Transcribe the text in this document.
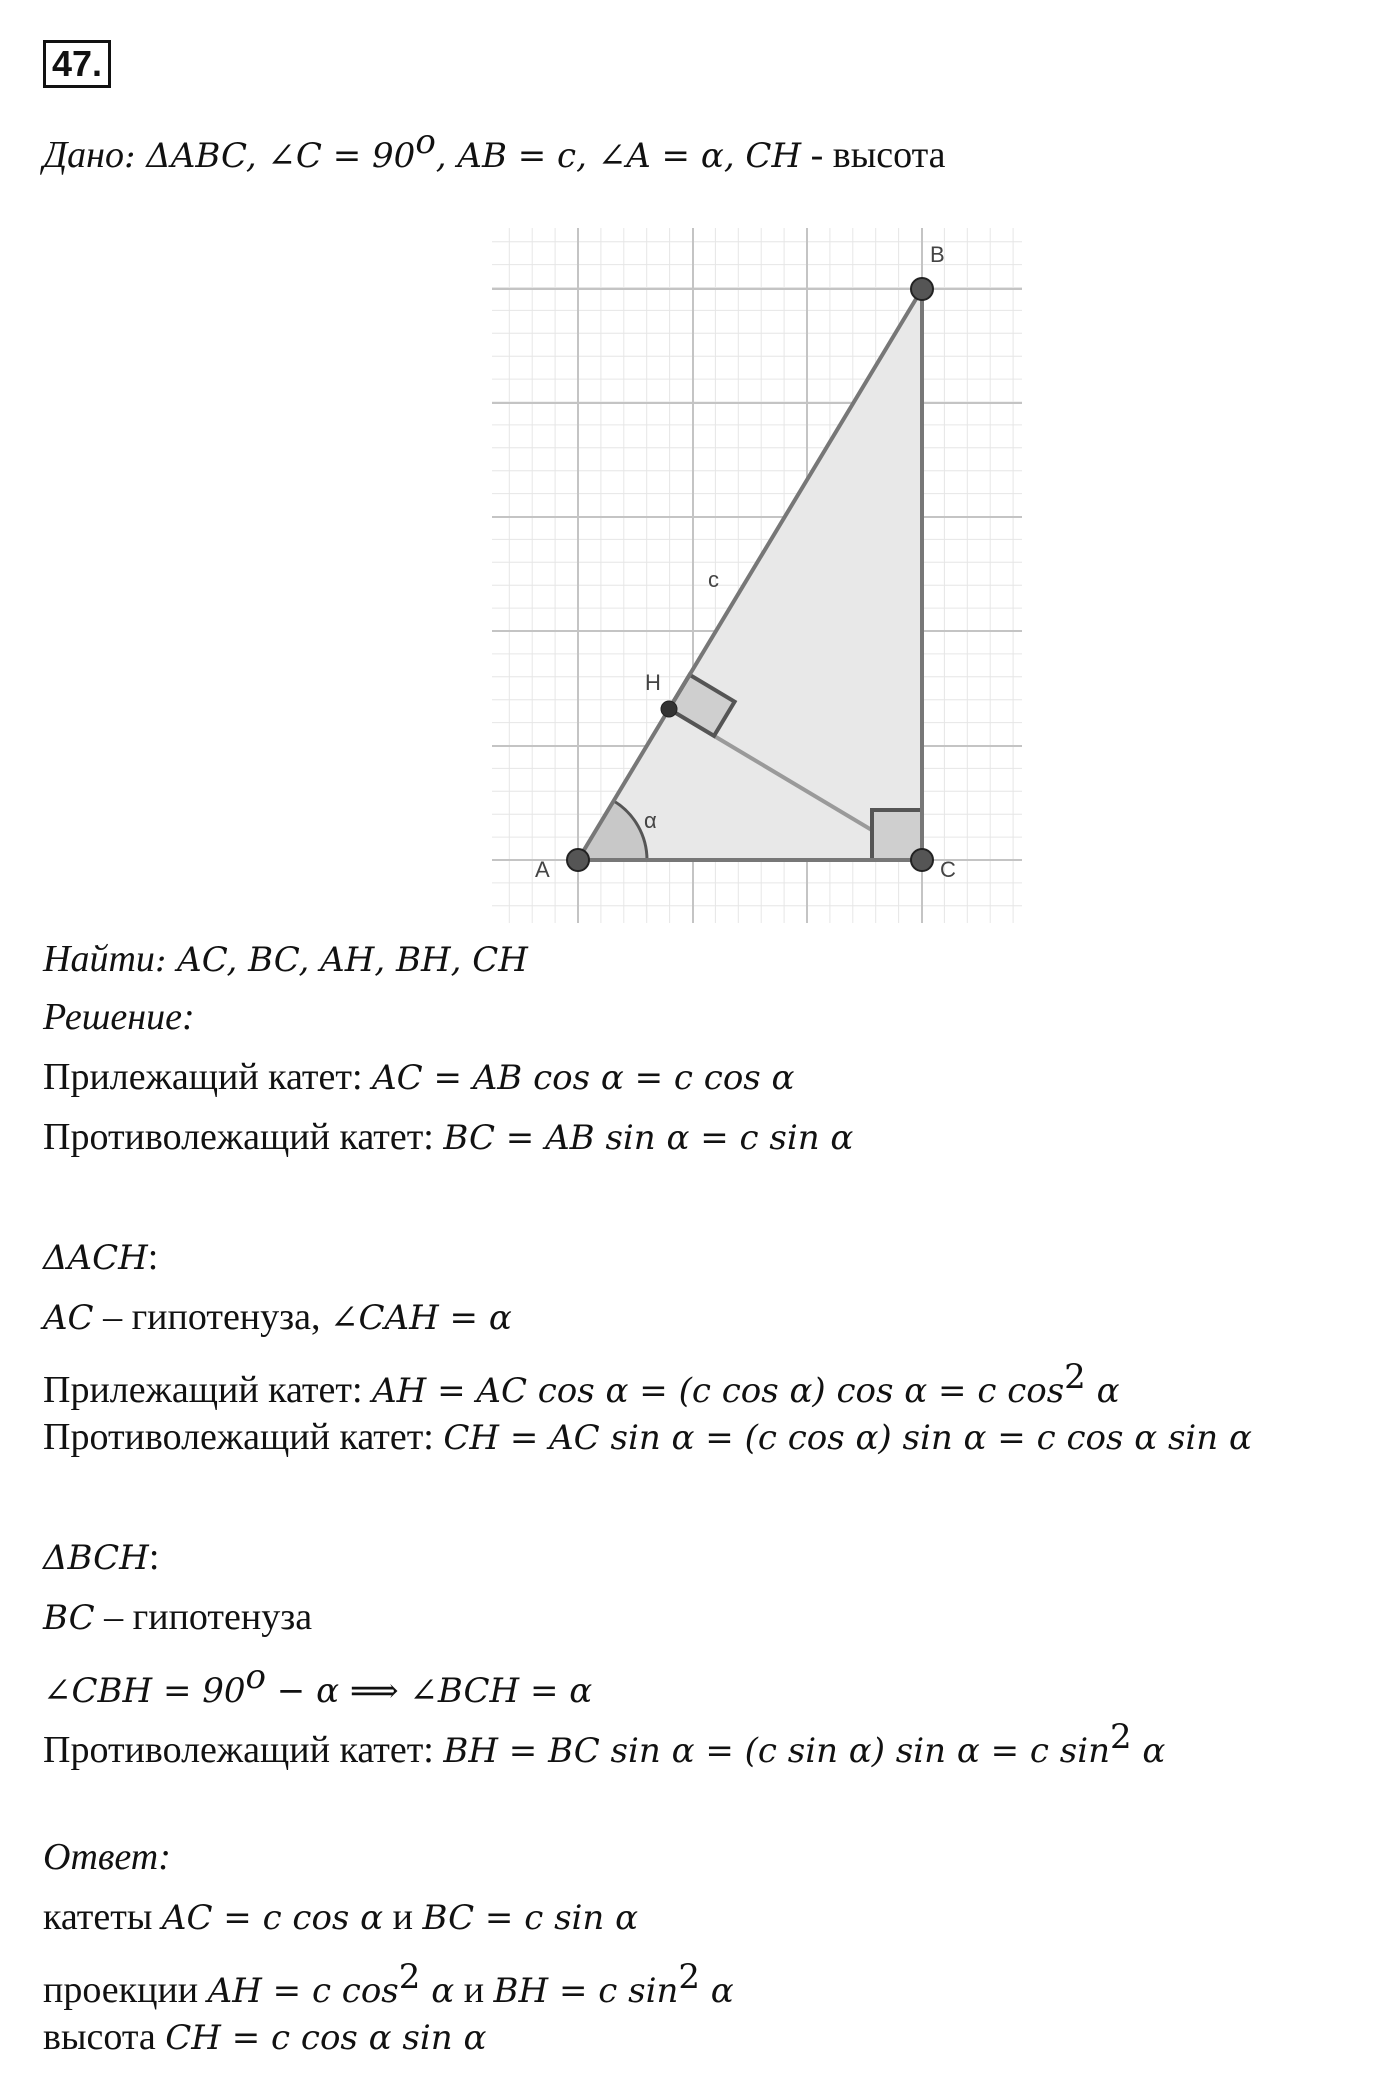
47.
Дано: ΔABC, ∠C = $90^o$, AB = c, ∠A = α, CH - высота
A
B
C
H
c
α
Найти: AC, BC, AH, BH, CH
Решение:
Прилежащий катет: AC = AB cos α = c cos α
Противолежащий катет: BC = AB sin α = c sin α
ΔACH:
AC – гипотенуза, ∠CAH = α
Прилежащий катет: AH = AC cos α = (c cos α) cos α = c $\cos^2 \alpha$
Противолежащий катет: CH = AC sin α = (c cos α) sin α = c cos α sin α
ΔBCH:
BC – гипотенуза
∠CBH = $90^o - \alpha$ ⟹ ∠BCH = α
Противолежащий катет: BH = BC sin α = (c sin α) sin α = c $\sin^2 \alpha$
Ответ:
катеты AC = c cos α и BC = c sin α
проекции AH = c $\cos^2 \alpha$ и BH = c $\sin^2 \alpha$
высота CH = c cos α sin α
